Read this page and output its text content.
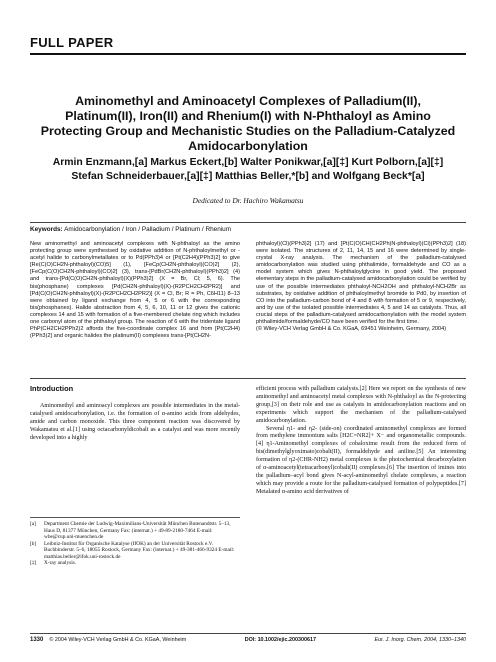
FULL PAPER
Aminomethyl and Aminoacetyl Complexes of Palladium(II), Platinum(II), Iron(II) and Rhenium(I) with N-Phthaloyl as Amino Protecting Group and Mechanistic Studies on the Palladium-Catalyzed Amidocarbonylation
Armin Enzmann,[a] Markus Eckert,[b] Walter Ponikwar,[a][‡] Kurt Polborn,[a][‡]
Stefan Schneiderbauer,[a][‡] Matthias Beller,*[b] and Wolfgang Beck*[a]
Dedicated to Dr. Hachiro Wakamatsu
Keywords: Amidocarbonylation / Iron / Palladium / Platinum / Rhenium
New aminomethyl and aminoacetyl complexes with N-phthaloyl as the amino protecting group were synthesised by oxidative addition of N-phthaloylmethyl or -acetyl halide to carbonylmetallates or to Pd(PPh3)4 or [Pt(C2H4)(PPh3)2] to give [Re(C(O)CH2N-phthaloyl)(CO)5] (1), [FeCp(CH2N-phthaloyl)(CO)2] (2), [FeCp(C(O)CH2N-phthaloyl)(CO)2] (3), trans-[PdBr(CH2N-phthaloyl)(PPh3)2] (4) and trans-[Pd(C(O)CH2N-phthaloyl)(X)(PPh3)2] (X = Br, Cl; 5, 6). The bis(phosphane) complexes [Pd(CH2N-phthaloyl)(X)-(R2PCH2CH2PR2)] and [Pd(C(O)CH2N-phthaloyl)(X)-(R2PCH2CH2PR2)] (X = Cl, Br; R = Ph, C6H11) 8–13 were obtained by ligand exchange from 4, 5 or 6 with the corresponding bis(phosphanes). Halide abstraction from 4, 5, 6, 10, 11 or 12 gives the cationic complexes 14 and 15 with formation of a five-membered chelate ring which includes one carbonyl atom of the phthaloyl group. The reaction of 6 with the tridentate ligand PhP(CH2CH2PPh2)2 affords the five-coordinate complex 16 and from [Pt(C2H4)(PPh3)2] and organic halides the platinum(II) complexes trans-[Pt(CH2N-
phthaloyl)(Cl)(PPh3)2] (17) and [Pt(C(O)CH(CH2Ph)N-phthaloyl)(Cl)(PPh3)2] (18) were isolated. The structures of 2, 11, 14, 15 and 16 were determined by single-crystal X-ray analysis. The mechanism of the palladium-catalysed amidocarbonylation was studied using phthalimide, formaldehyde and CO as a model system which gives N-phthaloylglycine in good yield. The proposed elementary steps in the palladium-catalysed amidocarbonylation could be verified by use of the possible intermediates phthaloyl-NCH2OH and phthaloyl-NCH2Br as substrates, by oxidative addition of phthaloylmethyl bromide to Pd0, by insertion of CO into the palladium-carbon bond of 4 and 8 with formation of 5 or 9, respectively, and by use of the isolated possible intermediates 4, 5 and 14 as catalysts. Thus, all crucial steps of the palladium-catalysed amidocarbonylation with the model system phthalimide/formaldehyde/CO have been verified for the first time.
(© Wiley-VCH Verlag GmbH & Co. KGaA, 69451 Weinheim, Germany, 2004)
Introduction

Aminomethyl and aminoacyl complexes are possible intermediates in the metal-catalysed amidocarbonylation, i.e. the formation of α-amino acids from aldehydes, amide and carbon monoxide. This three component reaction was discovered by Wakamatsu et al.[1] using octacarbonyldicobalt as a catalyst and was more recently developed into a highly

efficient process with palladium catalysts.[2] Here we report on the synthesis of new aminomethyl and aminoacetyl metal complexes with N-phthaloyl as the N-protecting group,[3] on their role and use as catalysts in amidocarbonylation reactions and on experiments which support the mechanism of the palladium-catalysed amidocarbonylation.

Several η1- and η2- (side-on) coordinated aminomethyl complexes are formed from methylene immonium salts [H2C=NR2]+ X− and organometallic compounds.[4] η1-Aminomethyl complexes of cobaloxime result from the reduced form of bis(dimethylglyoximato)cobalt(II), formaldehyde and aniline.[5] An interesting formation of η2-(CHR-NH2) metal complexes is the photochemical decarboxylation of α-aminoacetyl(tetracarbonyl)cobalt(II) complexes.[6] The insertion of imines into the palladium–acyl bond gives N-acyl-aminomethyl chelate complexes, a reaction which may provide a route for the palladium-catalysed formation of polypeptides.[7] Metalated α-amino acid derivatives of

[a]	Department Chemie der Ludwig-Maximilians-Universität München Butenandtstr. 5–13, Haus D, 81377 München, Germany Fax: (internat.) + 49-89-2180-7464 E-mail: wbe@cup.uni-muenchen.de
[b]	Leibniz-Institut für Organische Katalyse (IfOK) an der Universität Rostock e.V. Buchbinderstr. 5–6, 18055 Rostock, Germany Fax: (internat.) + 49-381-466-9324 E-mail: matthias.beller@ifok.uni-rostock.de
[‡]	X-ray analysis.
1330 © 2004 Wiley-VCH Verlag GmbH & Co. KGaA, Weinheim	DOI: 10.1002/ejic.200300617	Eur. J. Inorg. Chem. 2004, 1330–1340
